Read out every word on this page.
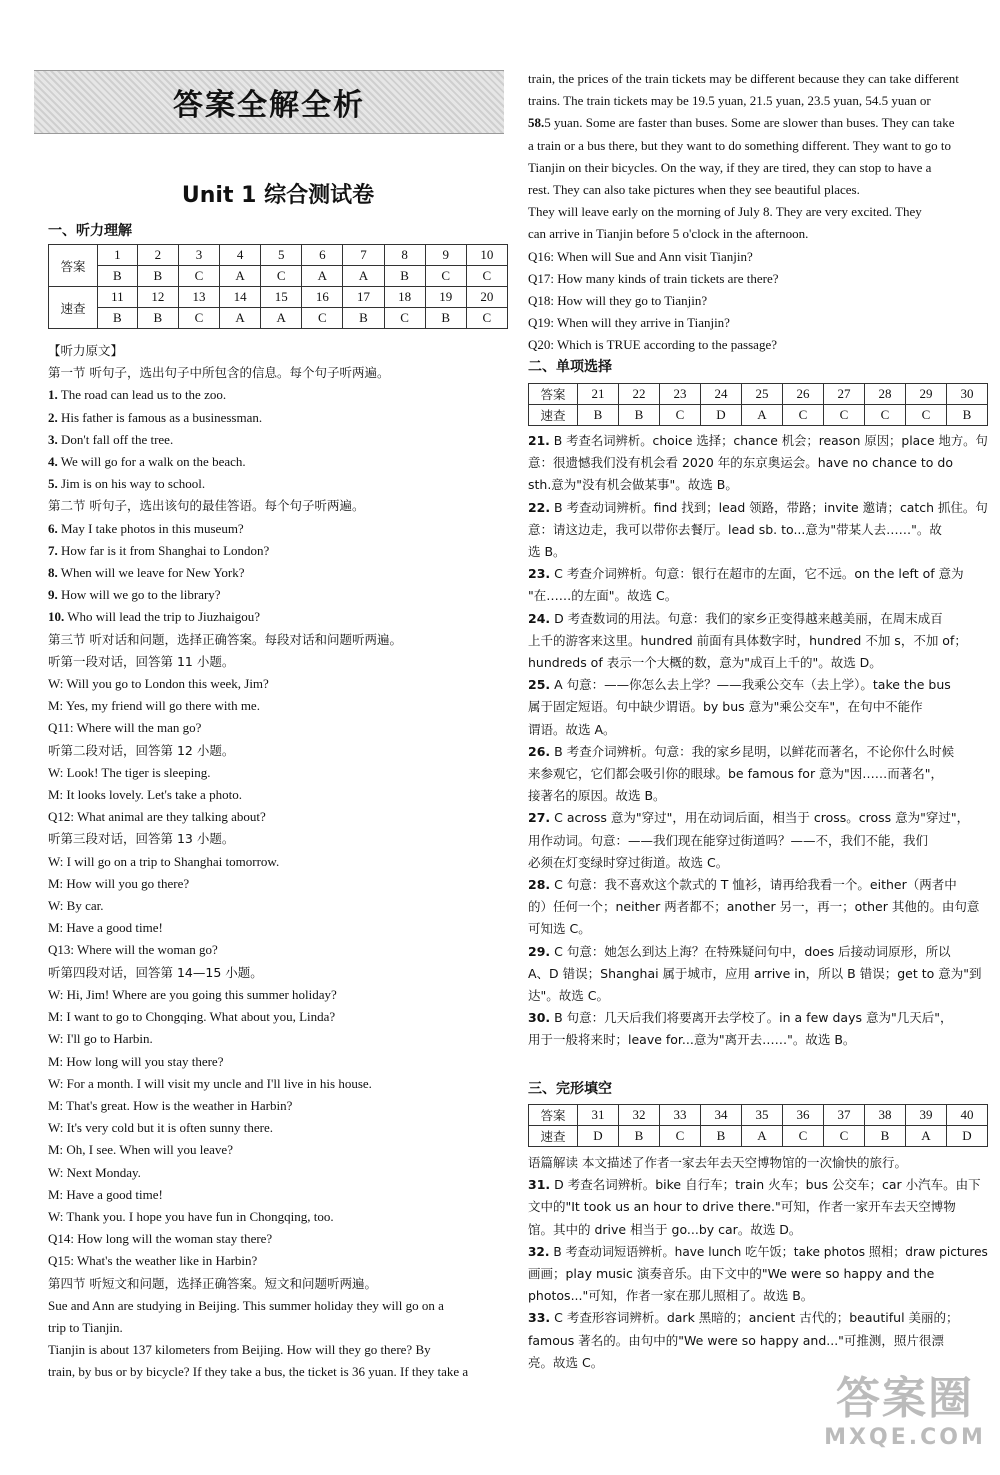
答案全解全析
Unit 1 综合测试卷

一、听力理解

答案	1	2	3	4	5	6	7	8	9	10
	B	B	C	A	C	A	A	B	C	C
速查	11	12	13	14	15	16	17	18	19	20
	B	B	C	A	A	C	B	C	B	C

【听力原文】

第一节 听句子，选出句子中所包含的信息。每个句子听两遍。

1. The road can lead us to the zoo.

2. His father is famous as a businessman.

3. Don't fall off the tree.

4. We will go for a walk on the beach.

5. Jim is on his way to school.

第二节 听句子，选出该句的最佳答语。每个句子听两遍。

6. May I take photos in this museum?

7. How far is it from Shanghai to London?

8. When will we leave for New York?

9. How will we go to the library?

10. Who will lead the trip to Jiuzhaigou?

第三节 听对话和问题，选择正确答案。每段对话和问题听两遍。

听第一段对话，回答第 11 小题。

W: Will you go to London this week, Jim?

M: Yes, my friend will go there with me.

Q11: Where will the man go?

听第二段对话，回答第 12 小题。

W: Look! The tiger is sleeping.

M: It looks lovely. Let's take a photo.

Q12: What animal are they talking about?

听第三段对话，回答第 13 小题。

W: I will go on a trip to Shanghai tomorrow.

M: How will you go there?

W: By car.

M: Have a good time!

Q13: Where will the woman go?

听第四段对话，回答第 14—15 小题。

W: Hi, Jim! Where are you going this summer holiday?

M: I want to go to Chongqing. What about you, Linda?

W: I'll go to Harbin.

M: How long will you stay there?

W: For a month. I will visit my uncle and I'll live in his house.

M: That's great. How is the weather in Harbin?

W: It's very cold but it is often sunny there.

M: Oh, I see. When will you leave?

W: Next Monday.

M: Have a good time!

W: Thank you. I hope you have fun in Chongqing, too.

Q14: How long will the woman stay there?

Q15: What's the weather like in Harbin?

第四节 听短文和问题，选择正确答案。短文和问题听两遍。

Sue and Ann are studying in Beijing. This summer holiday they will go on a

trip to Tianjin.

Tianjin is about 137 kilometers from Beijing. How will they go there? By

train, by bus or by bicycle? If they take a bus, the ticket is 36 yuan. If they take a

train, the prices of the train tickets may be different because they can take different

trains. The train tickets may be 19.5 yuan, 21.5 yuan, 23.5 yuan, 54.5 yuan or

58.5 yuan. Some are faster than buses. Some are slower than buses. They can take

a train or a bus there, but they want to do something different. They want to go to

Tianjin on their bicycles. On the way, if they are tired, they can stop to have a

rest. They can also take pictures when they see beautiful places.

They will leave early on the morning of July 8. They are very excited. They

can arrive in Tianjin before 5 o'clock in the afternoon.

Q16: When will Sue and Ann visit Tianjin?

Q17: How many kinds of train tickets are there?

Q18: How will they go to Tianjin?

Q19: When will they arrive in Tianjin?

Q20: Which is TRUE according to the passage?

二、单项选择

答案	21	22	23	24	25	26	27	28	29	30
速查	B	B	C	D	A	C	C	C	C	B

21. B 考查名词辨析。choice 选择；chance 机会；reason 原因；place 地方。句

意：很遗憾我们没有机会看 2020 年的东京奥运会。have no chance to do

sth.意为"没有机会做某事"。故选 B。

22. B 考查动词辨析。find 找到；lead 领路，带路；invite 邀请；catch 抓住。句

意：请这边走，我可以带你去餐厅。lead sb. to...意为"带某人去……"。故

选 B。

23. C 考查介词辨析。句意：银行在超市的左面，它不远。on the left of 意为

"在……的左面"。故选 C。

24. D 考查数词的用法。句意：我们的家乡正变得越来越美丽，在周末成百

上千的游客来这里。hundred 前面有具体数字时，hundred 不加 s，不加 of；

hundreds of 表示一个大概的数，意为"成百上千的"。故选 D。

25. A 句意：——你怎么去上学？——我乘公交车（去上学）。take the bus

属于固定短语。句中缺少谓语。by bus 意为"乘公交车"，在句中不能作

谓语。故选 A。

26. B 考查介词辨析。句意：我的家乡昆明，以鲜花而著名，不论你什么时候

来参观它，它们都会吸引你的眼球。be famous for 意为"因……而著名"，

接著名的原因。故选 B。

27. C across 意为"穿过"，用在动词后面，相当于 cross。cross 意为"穿过"，

用作动词。句意：——我们现在能穿过街道吗？——不，我们不能，我们

必须在灯变绿时穿过街道。故选 C。

28. C 句意：我不喜欢这个款式的 T 恤衫，请再给我看一个。either（两者中

的）任何一个；neither 两者都不；another 另一，再一；other 其他的。由句意

可知选 C。

29. C 句意：她怎么到达上海？在特殊疑问句中，does 后接动词原形，所以

A、D 错误；Shanghai 属于城市，应用 arrive in，所以 B 错误；get to 意为"到

达"。故选 C。

30. B 句意：几天后我们将要离开去学校了。in a few days 意为"几天后"，

用于一般将来时；leave for...意为"离开去……"。故选 B。

三、完形填空

答案	31	32	33	34	35	36	37	38	39	40
速查	D	B	C	B	A	C	C	B	A	D

语篇解读 本文描述了作者一家去年去天空博物馆的一次愉快的旅行。

31. D 考查名词辨析。bike 自行车；train 火车；bus 公交车；car 小汽车。由下

文中的"It took us an hour to drive there."可知，作者一家开车去天空博物

馆。其中的 drive 相当于 go...by car。故选 D。

32. B 考查动词短语辨析。have lunch 吃午饭；take photos 照相；draw pictures

画画；play music 演奏音乐。由下文中的"We were so happy and the

photos..."可知，作者一家在那儿照相了。故选 B。

33. C 考查形容词辨析。dark 黑暗的；ancient 古代的；beautiful 美丽的；

famous 著名的。由句中的"We were so happy and..."可推测，照片很漂

亮。故选 C。

答案圈
MXQE.COM
